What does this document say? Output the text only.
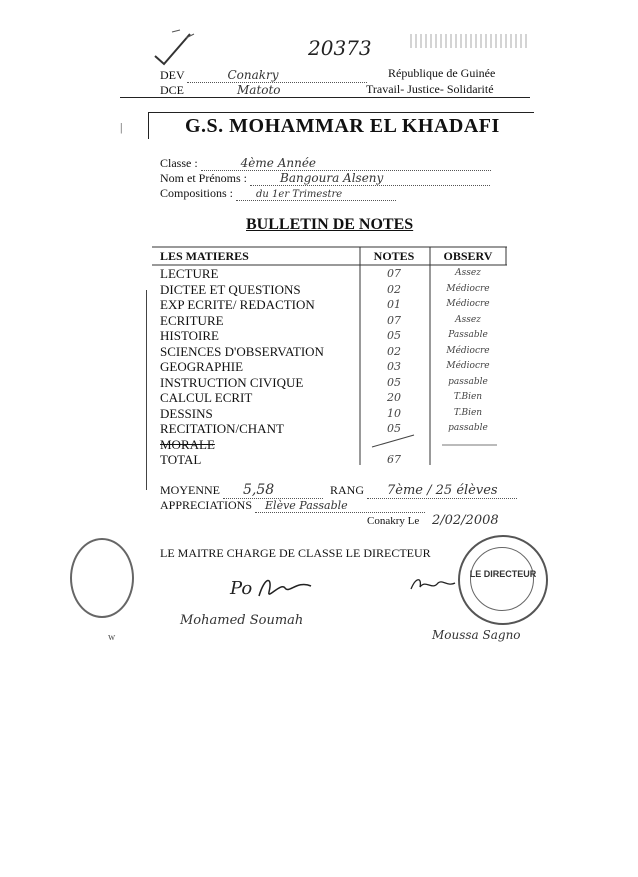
20373
DEV	Conakry	République de Guinée
DCE	Matoto	Travail- Justice- Solidarité
G.S. MOHAMMAR EL KHADAFI
|
Classe :	4ème Année
Nom et Prénoms :	Bangoura Alseny
Compositions : du 1er Trimestre
BULLETIN DE NOTES
LES MATIERES	NOTES	OBSERV
LECTURE	07	Assez
DICTEE ET QUESTIONS	02	Médiocre
EXP ECRITE/ REDACTION	01	Médiocre
ECRITURE	07	Assez
HISTOIRE	05	Passable
SCIENCES D'OBSERVATION	02	Médiocre
GEOGRAPHIE	03	Médiocre
INSTRUCTION CIVIQUE	05	passable
CALCUL ECRIT	20	T.Bien
DESSINS	10	T.Bien
RECITATION/CHANT	05	passable
MORALE
TOTAL	67
MOYENNE 5,58	RANG 7ème / 25 élèves
APPRECIATIONS Elève Passable
Conakry Le 2/02/2008
LE MAITRE CHARGE DE CLASSE LE DIRECTEUR
Po
Mohamed Soumah
Moussa Sagno
LE DIRECTEUR
w
